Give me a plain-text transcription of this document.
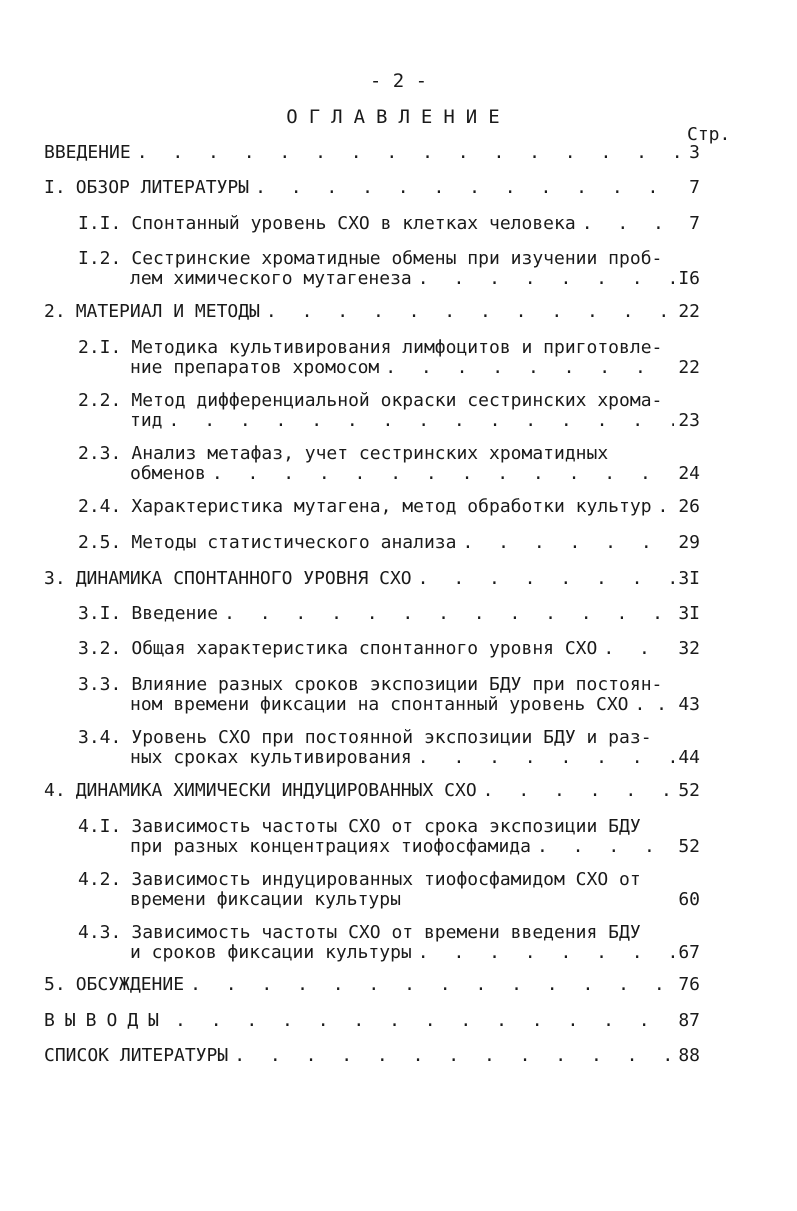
- 2 -
ОГЛАВЛЕНИЕ
Стр.
ВВЕДЕНИЕ . . .	3
I. ОБЗОР ЛИТЕРАТУРЫ . . .	7
I.I. Спонтанный уровень СХО в клетках человека . . .	7
I.2. Сестринские хроматидные обмены при изучении проб-
лем химического мутагенеза . . .	I6
2. МАТЕРИАЛ И МЕТОДЫ . . .	22
2.I. Методика культивирования лимфоцитов и приготовле-
ние препаратов хромосом . . .	22
2.2. Метод дифференциальной окраски сестринских хрома-
тид . . .	23
2.3. Анализ метафаз, учет сестринских хроматидных
обменов . . .	24
2.4. Характеристика мутагена, метод обработки культур . . . 26
2.5. Методы статистического анализа . . .	29
3. ДИНАМИКА СПОНТАННОГО УРОВНЯ СХО . . .	3I
3.I. Введение . . .	3I
3.2. Общая характеристика спонтанного уровня СХО . . .	32
3.3. Влияние разных сроков экспозиции БДУ при постоян-
ном времени фиксации на спонтанный уровень СХО . . .	43
3.4. Уровень СХО при постоянной экспозиции БДУ и раз-
ных сроках культивирования . . .	44
4. ДИНАМИКА ХИМИЧЕСКИ ИНДУЦИРОВАННЫХ СХО . . .	52
4.I. Зависимость частоты СХО от срока экспозиции БДУ
при разных концентрациях тиофосфамида . . .	52
4.2. Зависимость индуцированных тиофосфамидом СХО от
времени фиксации культуры	60
4.3. Зависимость частоты СХО от времени введения БДУ
и сроков фиксации культуры . . .	67
5. ОБСУЖДЕНИЕ . . .	76
ВЫВОДЫ . . .	87
СПИСОК ЛИТЕРАТУРЫ . . .	88
